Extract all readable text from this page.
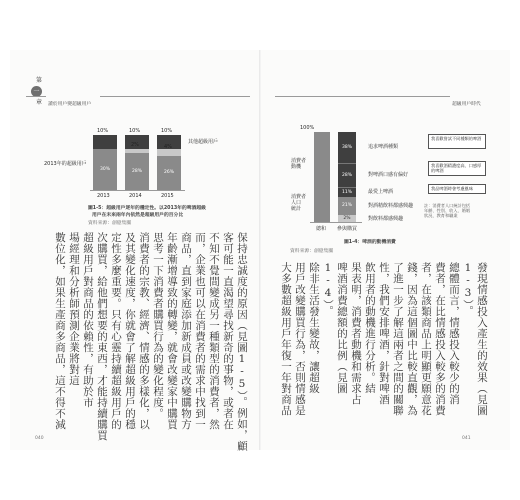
第
一
章 讀於用戶變超級用戶
30%	28%	26%
10%	10%	10%
2%	4%
其他超級用戶
2013年的超級用戶
2013	2014	2015
圖1-5：超級用戶逐年的穩定性。以2013年的啤酒超級
用戶在未來兩年內依然是超級用戶的百分比
資料來源：創億集團
保持忠誠度的原因（見圖1-5）。例如，顧
客可能一直渴望尋找新奇的事物，或者在
不知不覺間變成另一種類型的消費者，然
而，企業也可以在消費者的需求中找到一
商品，直到家庭添加新成員或改變購物方
年齡漸增導致的轉變，就會改變家中購買
思考一下消費者購買行為的變化程度。
消費者的宗教、經濟、情感的多樣化，以
及其變化速度，你就會了解超級用戶的穩
定性多麼重要。只有心靈持續超級用戶的
次購買，給他們想要的東西，才能持續購買
超級用戶對商品的依賴性，有助於市
場經理和分析師預測企業將對這
數位化，如果生產商多商品，這不得不減
040
超級用戶時代
100%
38%
28%
11%
21%
2%
總和 參與購買
消費者
動機
消費者
人口
統計
追求啤酒種類
對啤酒口感有偏好
最愛上啤酒
對酒精飲料都感興趣
對飲料都感興趣
我喜歡嘗試不同種類的啤酒
我喜歡酒精濃度高、口感厚的啤酒
我品啤酒時會考慮風味
註：消費者人口統計包括年齡、性別、收入、婚姻狀況、教育和職業
圖1-4：啤酒的動機消費
資料來源：創億集團
發現情感投入產生的效果（見圖
1-3）。
總體而言，情感投入較少的消
費者，在比情感投入較多的消費
者，在該類商品上明顯更願意花
錢，因為這個圖中比較直觀，為
了進一步了解這兩者之間的關聯
性，我們安排啤酒，針對啤酒
飲用者的動機進行分析。結
果表明，消費者動機和需求占
啤酒消費總額的比例（見圖
1-4）。
除非生活發生變故，讓超級
用戶改變購買行為，否則情感是
大多數超級用戶年復一年對商品
041
